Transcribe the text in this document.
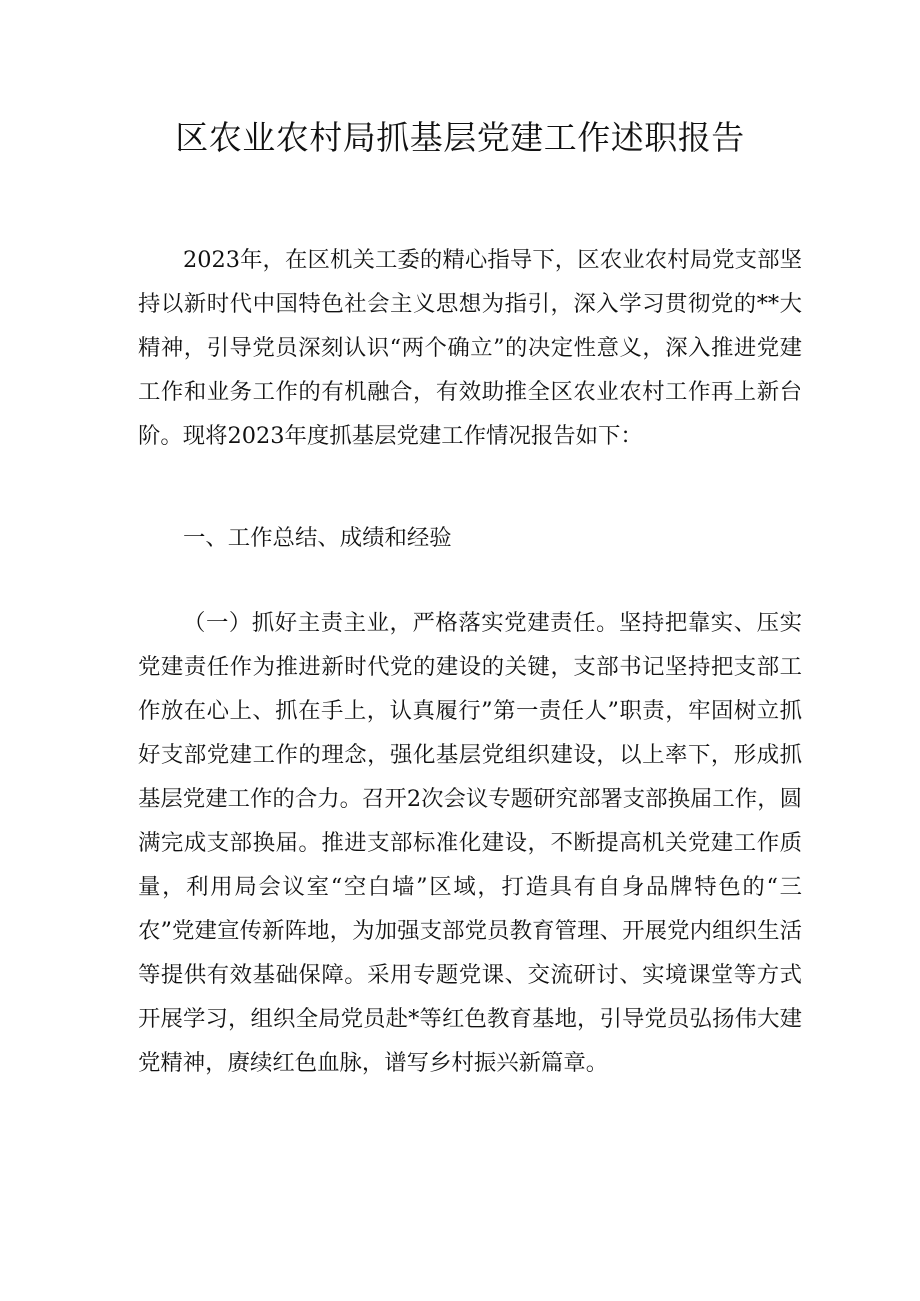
区农业农村局抓基层党建工作述职报告

2023年，在区机关工委的精心指导下，区农业农村局党支部坚持以新时代中国特色社会主义思想为指引，深入学习贯彻党的**大精神，引导党员深刻认识“两个确立”的决定性意义，深入推进党建工作和业务工作的有机融合，有效助推全区农业农村工作再上新台阶。现将2023年度抓基层党建工作情况报告如下：

一、工作总结、成绩和经验

（一）抓好主责主业，严格落实党建责任。坚持把靠实、压实党建责任作为推进新时代党的建设的关键，支部书记坚持把支部工作放在心上、抓在手上，认真履行”第一责任人”职责，牢固树立抓好支部党建工作的理念，强化基层党组织建设，以上率下，形成抓基层党建工作的合力。召开2次会议专题研究部署支部换届工作，圆满完成支部换届。推进支部标准化建设，不断提高机关党建工作质量，利用局会议室“空白墙”区域，打造具有自身品牌特色的“三农”党建宣传新阵地，为加强支部党员教育管理、开展党内组织生活等提供有效基础保障。采用专题党课、交流研讨、实境课堂等方式开展学习，组织全局党员赴*等红色教育基地，引导党员弘扬伟大建党精神，赓续红色血脉，谱写乡村振兴新篇章。
